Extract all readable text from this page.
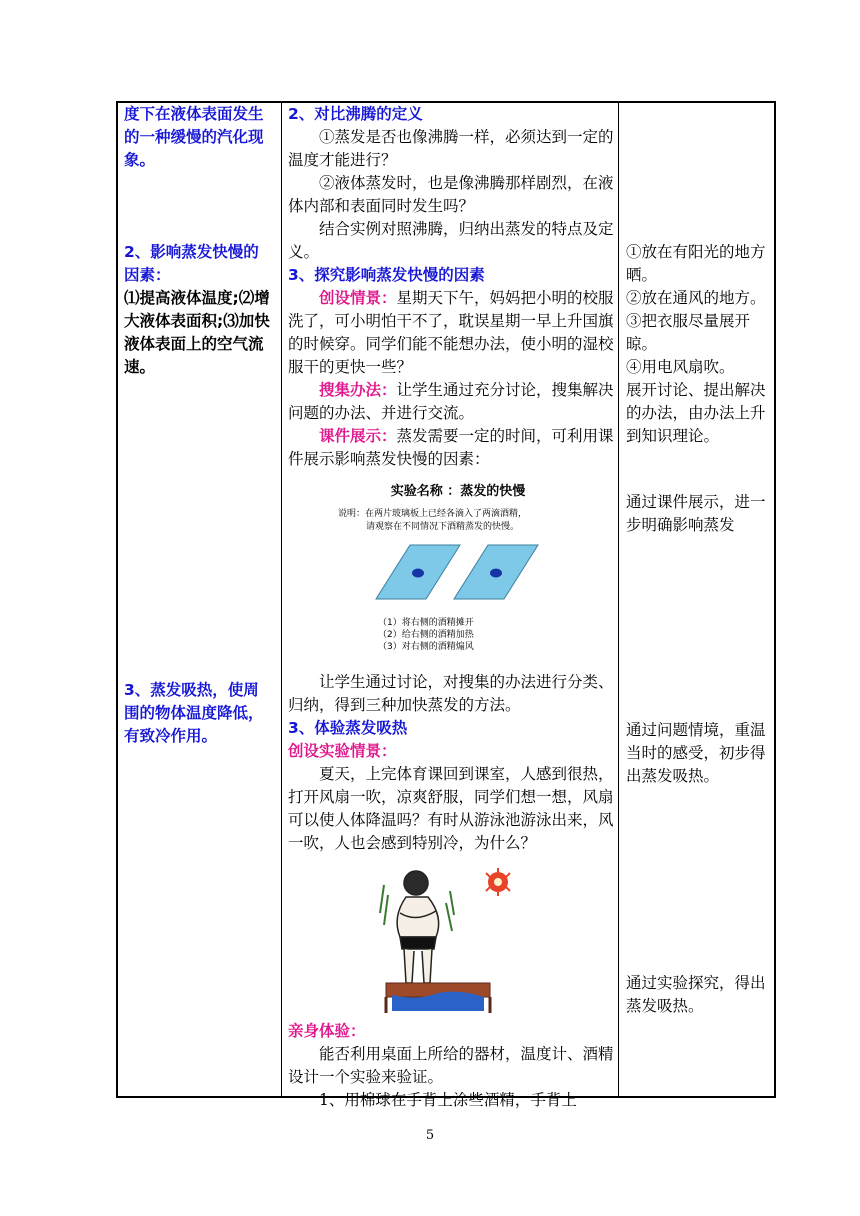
度下在液体表面发生的一种缓慢的汽化现象。

2、影响蒸发快慢的因素：

⑴提高液体温度;⑵增大液体表面积;⑶加快液体表面上的空气流速。

3、蒸发吸热，使周围的物体温度降低，有致冷作用。

2、对比沸腾的定义

①蒸发是否也像沸腾一样，必须达到一定的温度才能进行？

②液体蒸发时，也是像沸腾那样剧烈，在液体内部和表面同时发生吗？

结合实例对照沸腾，归纳出蒸发的特点及定义。

3、探究影响蒸发快慢的因素

创设情景：星期天下午，妈妈把小明的校服洗了，可小明怕干不了，耽误星期一早上升国旗的时候穿。同学们能不能想办法，使小明的湿校服干的更快一些？

搜集办法：让学生通过充分讨论，搜集解决问题的办法、并进行交流。

课件展示：蒸发需要一定的时间，可利用课件展示影响蒸发快慢的因素：

实验名称 ：蒸发的快慢
说明：在两片玻璃板上已经各滴入了两滴酒精，
请观察在不同情况下酒精蒸发的快慢。
（1）将右侧的酒精摊开
（2）给右侧的酒精加热
（3）对右侧的酒精煽风

让学生通过讨论，对搜集的办法进行分类、归纳，得到三种加快蒸发的方法。

3、体验蒸发吸热

创设实验情景：

夏天，上完体育课回到课室，人感到很热，打开风扇一吹，凉爽舒服，同学们想一想，风扇可以使人体降温吗？有时从游泳池游泳出来，风一吹，人也会感到特别冷，为什么？

亲身体验：

能否利用桌面上所给的器材，温度计、酒精设计一个实验来验证。

1、用棉球在手背上涂些酒精，手背上

①放在有阳光的地方晒。

②放在通风的地方。

③把衣服尽量展开晾。

④用电风扇吹。

展开讨论、提出解决的办法，由办法上升到知识理论。

通过课件展示，进一步明确影响蒸发

通过问题情境，重温当时的感受，初步得出蒸发吸热。

通过实验探究，得出蒸发吸热。

5
